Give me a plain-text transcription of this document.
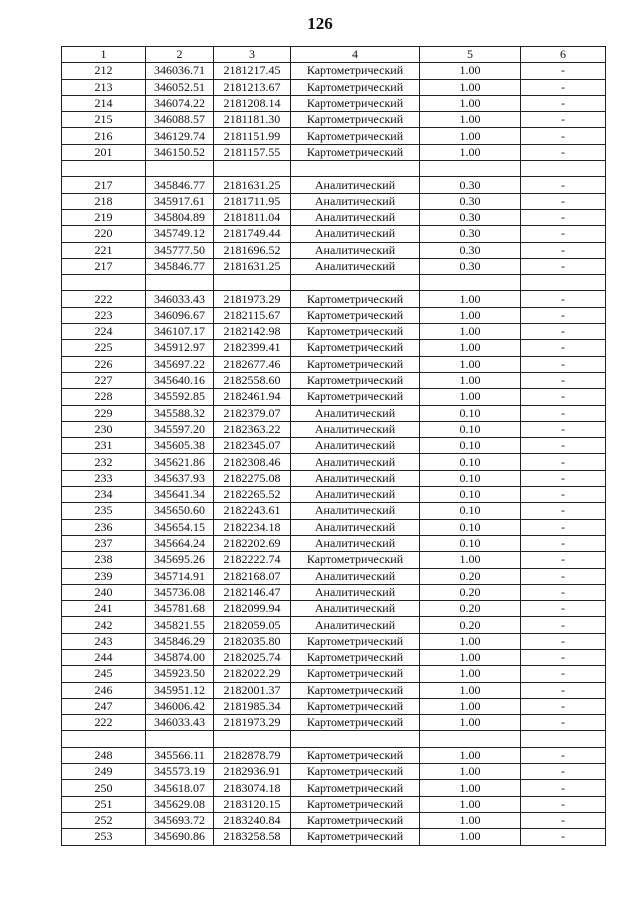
126
1	2	3	4	5	6
212	346036.71	2181217.45	Картометрический	1.00	-
213	346052.51	2181213.67	Картометрический	1.00	-
214	346074.22	2181208.14	Картометрический	1.00	-
215	346088.57	2181181.30	Картометрический	1.00	-
216	346129.74	2181151.99	Картометрический	1.00	-
201	346150.52	2181157.55	Картометрический	1.00	-

217	345846.77	2181631.25	Аналитический	0.30	-
218	345917.61	2181711.95	Аналитический	0.30	-
219	345804.89	2181811.04	Аналитический	0.30	-
220	345749.12	2181749.44	Аналитический	0.30	-
221	345777.50	2181696.52	Аналитический	0.30	-
217	345846.77	2181631.25	Аналитический	0.30	-

222	346033.43	2181973.29	Картометрический	1.00	-
223	346096.67	2182115.67	Картометрический	1.00	-
224	346107.17	2182142.98	Картометрический	1.00	-
225	345912.97	2182399.41	Картометрический	1.00	-
226	345697.22	2182677.46	Картометрический	1.00	-
227	345640.16	2182558.60	Картометрический	1.00	-
228	345592.85	2182461.94	Картометрический	1.00	-
229	345588.32	2182379.07	Аналитический	0.10	-
230	345597.20	2182363.22	Аналитический	0.10	-
231	345605.38	2182345.07	Аналитический	0.10	-
232	345621.86	2182308.46	Аналитический	0.10	-
233	345637.93	2182275.08	Аналитический	0.10	-
234	345641.34	2182265.52	Аналитический	0.10	-
235	345650.60	2182243.61	Аналитический	0.10	-
236	345654.15	2182234.18	Аналитический	0.10	-
237	345664.24	2182202.69	Аналитический	0.10	-
238	345695.26	2182222.74	Картометрический	1.00	-
239	345714.91	2182168.07	Аналитический	0.20	-
240	345736.08	2182146.47	Аналитический	0.20	-
241	345781.68	2182099.94	Аналитический	0.20	-
242	345821.55	2182059.05	Аналитический	0.20	-
243	345846.29	2182035.80	Картометрический	1.00	-
244	345874.00	2182025.74	Картометрический	1.00	-
245	345923.50	2182022.29	Картометрический	1.00	-
246	345951.12	2182001.37	Картометрический	1.00	-
247	346006.42	2181985.34	Картометрический	1.00	-
222	346033.43	2181973.29	Картометрический	1.00	-

248	345566.11	2182878.79	Картометрический	1.00	-
249	345573.19	2182936.91	Картометрический	1.00	-
250	345618.07	2183074.18	Картометрический	1.00	-
251	345629.08	2183120.15	Картометрический	1.00	-
252	345693.72	2183240.84	Картометрический	1.00	-
253	345690.86	2183258.58	Картометрический	1.00	-
